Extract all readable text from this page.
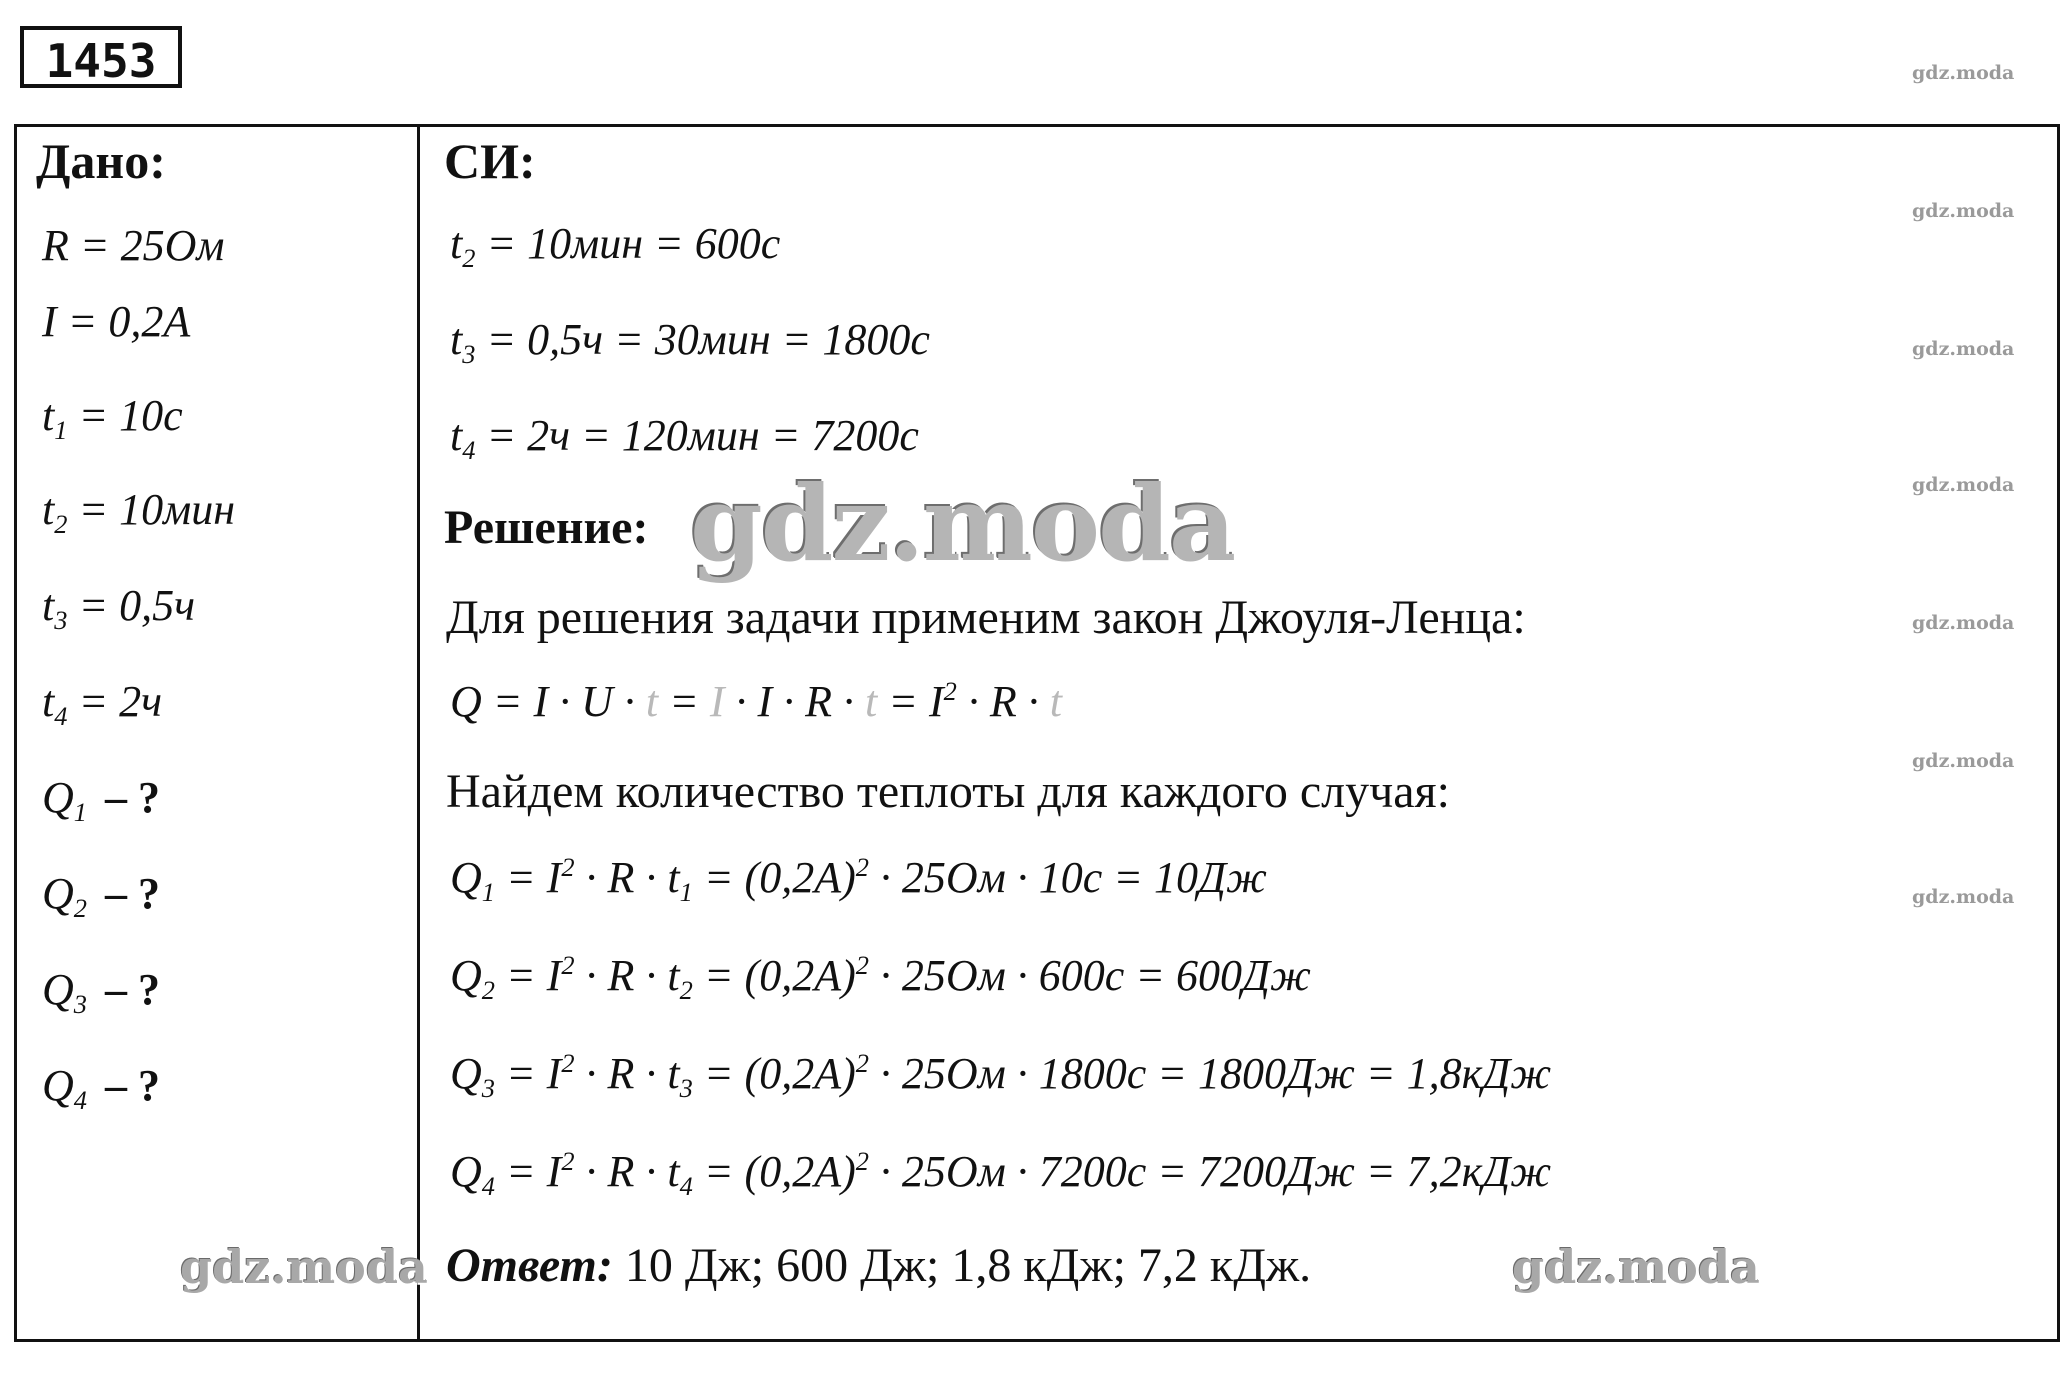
1453
Дано:
R = 25Ом
I = 0,2A
$t_1 = 10с$
$t_2 = 10мин$
$t_3 = 0,5ч$
$t_4 = 2ч$
$Q_1$ – ?
$Q_2$ – ?
$Q_3$ – ?
$Q_4$ – ?
СИ:
$t_2 = 10мин = 600с$
$t_3 = 0,5ч = 30мин = 1800с$
$t_4 = 2ч = 120мин = 7200с$
Решение:
Для решения задачи применим закон Джоуля-Ленца:
$Q = I \cdot U \cdot t = I \cdot I \cdot R \cdot t = I^2 \cdot R \cdot t$
Найдем количество теплоты для каждого случая:
$Q_1 = I^2 \cdot R \cdot t_1 = (0,2A)^2 \cdot 25Ом \cdot 10с = 10Дж$
$Q_2 = I^2 \cdot R \cdot t_2 = (0,2A)^2 \cdot 25Ом \cdot 600с = 600Дж$
$Q_3 = I^2 \cdot R \cdot t_3 = (0,2A)^2 \cdot 25Ом \cdot 1800с = 1800Дж = 1,8кДж$
$Q_4 = I^2 \cdot R \cdot t_4 = (0,2A)^2 \cdot 25Ом \cdot 7200с = 7200Дж = 7,2кДж$
Ответ: 10 Дж; 600 Дж; 1,8 кДж; 7,2 кДж.
gdz.moda
gdz.moda
gdz.moda
gdz.moda
gdz.moda
gdz.moda
gdz.moda
gdz.moda	gdz.moda
gdz.moda
